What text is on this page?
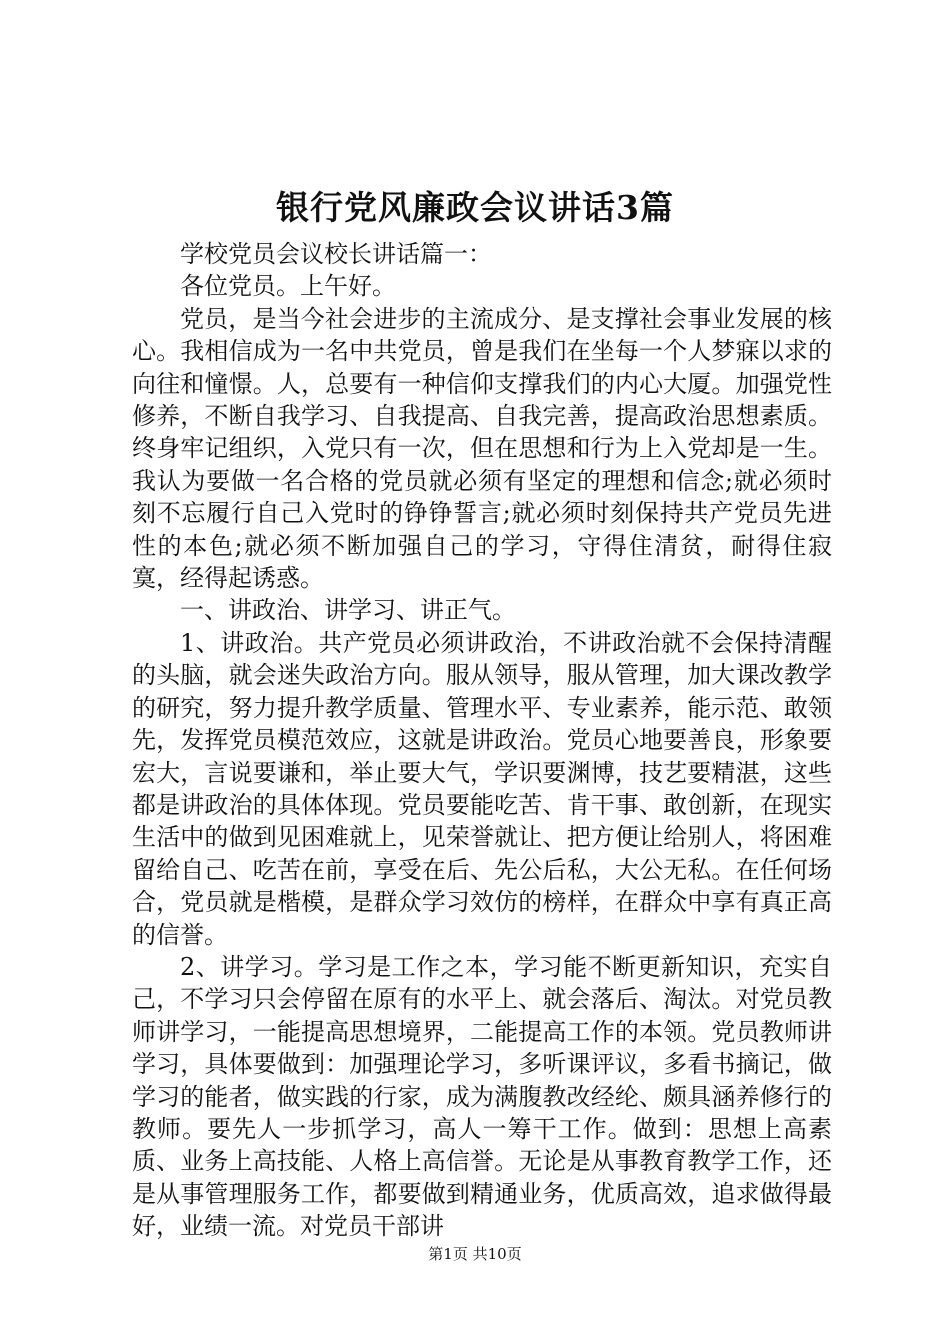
银行党风廉政会议讲话3篇

学校党员会议校长讲话篇一：

各位党员。上午好。

党员，是当今社会进步的主流成分、是支撑社会事业发展的核心。我相信成为一名中共党员，曾是我们在坐每一个人梦寐以求的向往和憧憬。人，总要有一种信仰支撑我们的内心大厦。加强党性修养，不断自我学习、自我提高、自我完善，提高政治思想素质。终身牢记组织，入党只有一次，但在思想和行为上入党却是一生。我认为要做一名合格的党员就必须有坚定的理想和信念;就必须时刻不忘履行自己入党时的铮铮誓言;就必须时刻保持共产党员先进性的本色;就必须不断加强自己的学习，守得住清贫，耐得住寂寞，经得起诱惑。

一、讲政治、讲学习、讲正气。

1、讲政治。共产党员必须讲政治，不讲政治就不会保持清醒的头脑，就会迷失政治方向。服从领导，服从管理，加大课改教学的研究，努力提升教学质量、管理水平、专业素养，能示范、敢领先，发挥党员模范效应，这就是讲政治。党员心地要善良，形象要宏大，言说要谦和，举止要大气，学识要渊博，技艺要精湛，这些都是讲政治的具体体现。党员要能吃苦、肯干事、敢创新，在现实生活中的做到见困难就上，见荣誉就让、把方便让给别人，将困难留给自己、吃苦在前，享受在后、先公后私，大公无私。在任何场合，党员就是楷模，是群众学习效仿的榜样，在群众中享有真正高的信誉。

2、讲学习。学习是工作之本，学习能不断更新知识，充实自己，不学习只会停留在原有的水平上、就会落后、淘汰。对党员教师讲学习，一能提高思想境界，二能提高工作的本领。党员教师讲学习，具体要做到：加强理论学习，多听课评议，多看书摘记，做学习的能者，做实践的行家，成为满腹教改经纶、颇具涵养修行的教师。要先人一步抓学习，高人一筹干工作。做到：思想上高素质、业务上高技能、人格上高信誉。无论是从事教育教学工作，还是从事管理服务工作，都要做到精通业务，优质高效，追求做得最好，业绩一流。对党员干部讲

第1页 共10页
